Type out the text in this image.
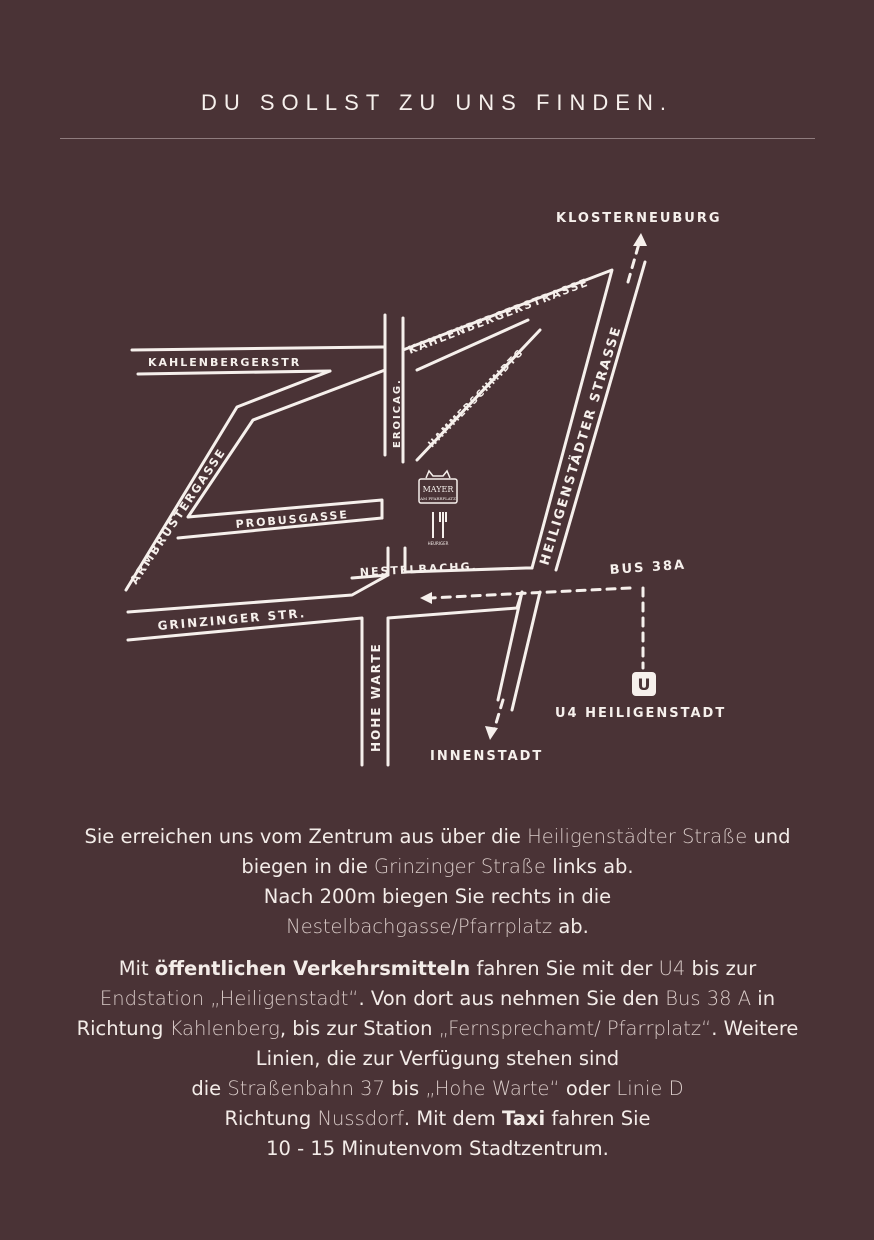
DU SOLLST ZU UNS FINDEN.
U
MAYER
AM PFARRPLATZ
HEURIGER
KLOSTERNEUBURG
KAHLENBERGERSTRASSE
KAHLENBERGERSTR
EROICAG. HAMMERSCHMIDTG HEILIGENSTÄDTER STRASSE
ARMBRUSTERGASSE PROBUSGASSE
NESTELBACHG.
GRINZINGER STR.
BUS 38A
U4 HEILIGENSTADT
HOHE WARTE
INNENSTADT
Sie erreichen uns vom Zentrum aus über die Heiligenstädter Straße und biegen in die Grinzinger Straße links ab.
Nach 200m biegen Sie rechts in die
Nestelbachgasse/Pfarrplatz ab.
Mit öffentlichen Verkehrsmitteln fahren Sie mit der U4 bis zur
Endstation „Heiligenstadt“. Von dort aus nehmen Sie den Bus 38 A in Richtung Kahlenberg, bis zur Station „Fernsprechamt/ Pfarrplatz“. Weitere Linien, die zur Verfügung stehen sind
die Straßenbahn 37 bis „Hohe Warte“ oder Linie D
Richtung Nussdorf. Mit dem Taxi fahren Sie
10 - 15 Minutenvom Stadtzentrum.
